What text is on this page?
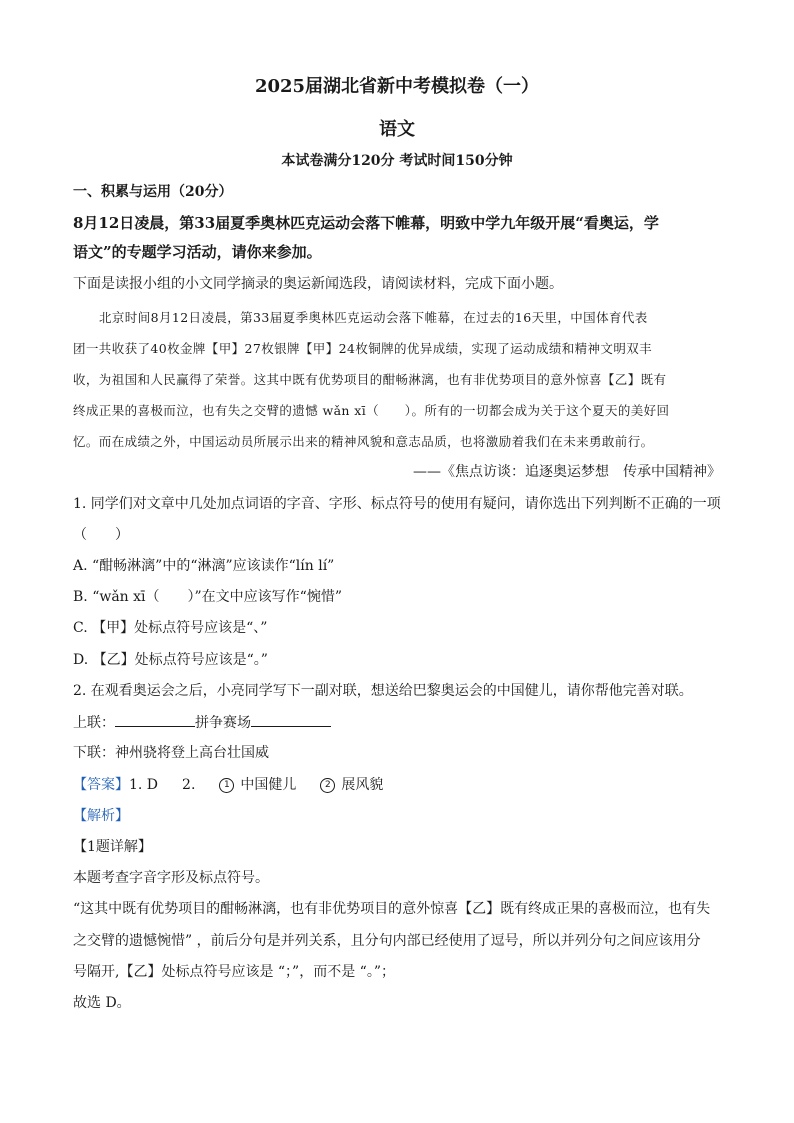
2025届湖北省新中考模拟卷（一）
语文
本试卷满分120分 考试时间150分钟
一、积累与运用（20分）
8月12日凌晨，第33届夏季奥林匹克运动会落下帷幕，明致中学九年级开展“看奥运，学
语文”的专题学习活动，请你来参加。
下面是读报小组的小文同学摘录的奥运新闻选段，请阅读材料，完成下面小题。
北京时间8月12日凌晨，第33届夏季奥林匹克运动会落下帷幕，在过去的16天里，中国体育代表
团一共收获了40枚金牌【甲】27枚银牌【甲】24枚铜牌的优异成绩，实现了运动成绩和精神文明双丰
收，为祖国和人民赢得了荣誉。这其中既有优势项目的酣畅淋漓，也有非优势项目的意外惊喜【乙】既有
终成正果的喜极而泣，也有失之交臂的遗憾 wǎn xī（　　）。所有的一切都会成为关于这个夏天的美好回
忆。而在成绩之外，中国运动员所展示出来的精神风貌和意志品质，也将激励着我们在未来勇敢前行。
——《焦点访谈：追逐奥运梦想　传承中国精神》
1. 同学们对文章中几处加点词语的字音、字形、标点符号的使用有疑问，请你选出下列判断不正确的一项
（　　）
A. “酣畅淋漓”中的“淋漓”应该读作“lín lí”
B. “wǎn xī（　　）”在文中应该写作“惋惜”
C. 【甲】处标点符号应该是“、”
D. 【乙】处标点符号应该是“。”
2. 在观看奥运会之后，小亮同学写下一副对联，想送给巴黎奥运会的中国健儿，请你帮他完善对联。
上联：	拼争赛场
下联：神州骁将登上高台壮国威
【答案】1. D 2.	1 中国健儿	2 展风貌
【解析】
【1题详解】
本题考查字音字形及标点符号。
“这其中既有优势项目的酣畅淋漓，也有非优势项目的意外惊喜【乙】既有终成正果的喜极而泣，也有失
之交臂的遗憾惋惜” ，前后分句是并列关系，且分句内部已经使用了逗号，所以并列分句之间应该用分
号隔开,【乙】处标点符号应该是 “；”，而不是 “。”；
故选 D。
